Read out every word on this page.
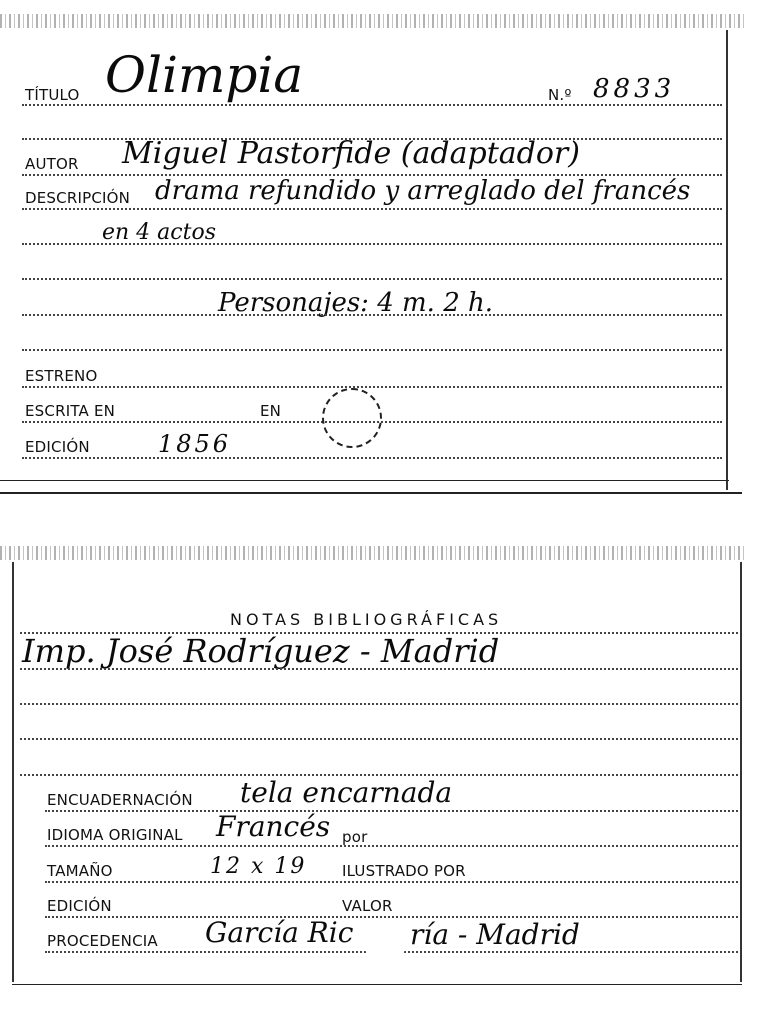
TÍTULO Olimpia	N.º 8833
AUTOR Miguel Pastorfide (adaptador)
DESCRIPCIÓN drama refundido y arreglado del francés
en 4 actos
Personajes: 4 m. 2 h.
ESTRENO
ESCRITA EN	EN
EDICIÓN	1856
NOTAS BIBLIOGRÁFICAS
Imp. José Rodríguez - Madrid
ENCUADERNACIÓN tela encarnada
IDIOMA ORIGINAL Francés por
TAMAÑO	12 x 19 ILUSTRADO POR
EDICIÓN	VALOR
PROCEDENCIA García Ric ría - Madrid
